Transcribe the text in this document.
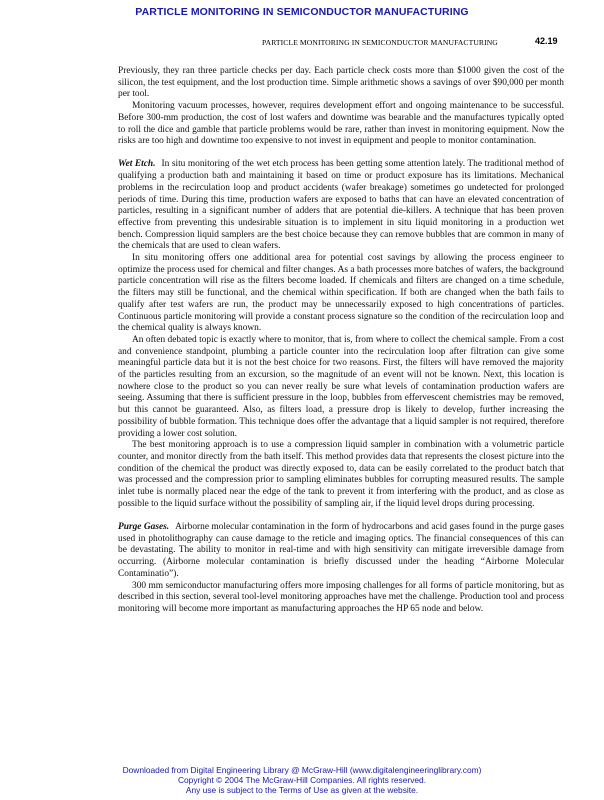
PARTICLE MONITORING IN SEMICONDUCTOR MANUFACTURING
PARTICLE MONITORING IN SEMICONDUCTOR MANUFACTURING	42.19

Previously, they ran three particle checks per day. Each particle check costs more than $1000 given the cost of the silicon, the test equipment, and the lost production time. Simple arithmetic shows a savings of over $90,000 per month per tool.

Monitoring vacuum processes, however, requires development effort and ongoing maintenance to be successful. Before 300-mm production, the cost of lost wafers and downtime was bearable and the manufactures typically opted to roll the dice and gamble that particle problems would be rare, rather than invest in monitoring equipment. Now the risks are too high and downtime too expensive to not invest in equipment and people to monitor contamination.

Wet Etch. In situ monitoring of the wet etch process has been getting some attention lately. The traditional method of qualifying a production bath and maintaining it based on time or product exposure has its limitations. Mechanical problems in the recirculation loop and product accidents (wafer breakage) sometimes go undetected for prolonged periods of time. During this time, production wafers are exposed to baths that can have an elevated concentration of particles, resulting in a significant number of adders that are potential die-killers. A technique that has been proven effective from preventing this undesirable situation is to implement in situ liquid monitoring in a production wet bench. Compression liquid samplers are the best choice because they can remove bubbles that are common in many of the chemicals that are used to clean wafers.

In situ monitoring offers one additional area for potential cost savings by allowing the process engineer to optimize the process used for chemical and filter changes. As a bath processes more batches of wafers, the background particle concentration will rise as the filters become loaded. If chemicals and filters are changed on a time schedule, the filters may still be functional, and the chemical within specification. If both are changed when the bath fails to qualify after test wafers are run, the product may be unnecessarily exposed to high concentrations of particles. Continuous particle monitoring will provide a constant process signature so the condition of the recirculation loop and the chemical quality is always known.

An often debated topic is exactly where to monitor, that is, from where to collect the chemical sample. From a cost and convenience standpoint, plumbing a particle counter into the recirculation loop after filtration can give some meaningful particle data but it is not the best choice for two reasons. First, the filters will have removed the majority of the particles resulting from an excursion, so the magnitude of an event will not be known. Next, this location is nowhere close to the product so you can never really be sure what levels of contamination production wafers are seeing. Assuming that there is sufficient pressure in the loop, bubbles from effervescent chemistries may be removed, but this cannot be guaranteed. Also, as filters load, a pressure drop is likely to develop, further increasing the possibility of bubble formation. This technique does offer the advantage that a liquid sampler is not required, therefore providing a lower cost solution.

The best monitoring approach is to use a compression liquid sampler in combination with a volumetric particle counter, and monitor directly from the bath itself. This method provides data that represents the closest picture into the condition of the chemical the product was directly exposed to, data can be easily correlated to the product batch that was processed and the compression prior to sampling eliminates bubbles for corrupting measured results. The sample inlet tube is normally placed near the edge of the tank to prevent it from interfering with the product, and as close as possible to the liquid surface without the possibility of sampling air, if the liquid level drops during processing.

Purge Gases. Airborne molecular contamination in the form of hydrocarbons and acid gases found in the purge gases used in photolithography can cause damage to the reticle and imaging optics. The financial consequences of this can be devastating. The ability to monitor in real-time and with high sensitivity can mitigate irreversible damage from occurring. (Airborne molecular contamination is briefly discussed under the heading “Airborne Molecular Contaminatio”).

300 mm semiconductor manufacturing offers more imposing challenges for all forms of particle monitoring, but as described in this section, several tool-level monitoring approaches have met the challenge. Production tool and process monitoring will become more important as manufacturing approaches the HP 65 node and below.

Downloaded from Digital Engineering Library @ McGraw-Hill (www.digitalengineeringlibrary.com)
Copyright © 2004 The McGraw-Hill Companies. All rights reserved.
Any use is subject to the Terms of Use as given at the website.
